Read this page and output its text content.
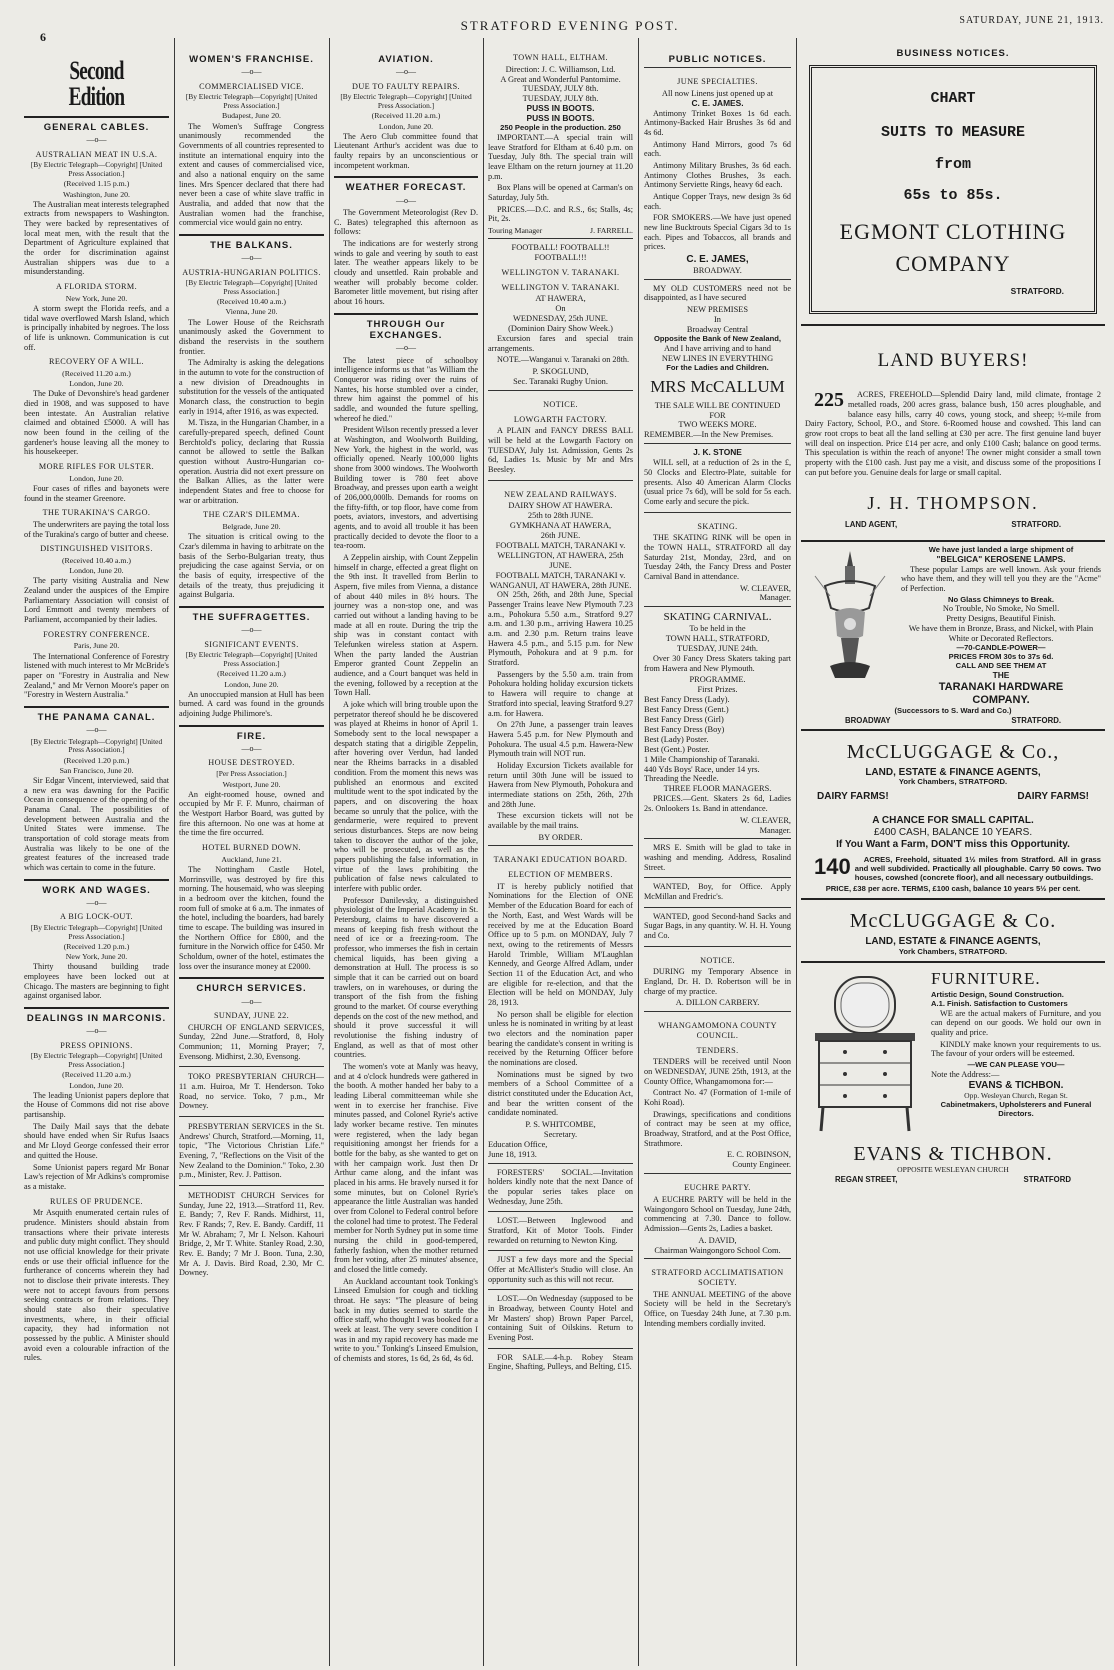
6
STRATFORD EVENING POST.	SATURDAY, JUNE 21, 1913.
Second Edition
GENERAL CABLES.
—o—
AUSTRALIAN MEAT IN U.S.A.
[By Electric Telegraph—Copyright] [United Press Association.]
(Received 1.15 p.m.)
Washington, June 20.

The Australian meat interests telegraphed extracts from newspapers to Washington. They were backed by representatives of local meat men, with the result that the Department of Agriculture explained that the order for discrimination against Australian shippers was due to a misunderstanding.

A FLORIDA STORM.
New York, June 20.

A storm swept the Florida reefs, and a tidal wave overflowed Marsh Island, which is principally inhabited by negroes. The loss of life is unknown. Communication is cut off.

RECOVERY OF A WILL.
(Received 11.20 a.m.)
London, June 20.

The Duke of Devonshire's head gardener died in 1908, and was supposed to have been intestate. An Australian relative claimed and obtained £5000. A will has now been found in the ceiling of the gardener's house leaving all the money to his housekeeper.

MORE RIFLES FOR ULSTER.
London, June 20.

Four cases of rifles and bayonets were found in the steamer Greenore.

THE TURAKINA'S CARGO.

The underwriters are paying the total loss of the Turakina's cargo of butter and cheese.

DISTINGUISHED VISITORS.
(Received 10.40 a.m.)
London, June 20.

The party visiting Australia and New Zealand under the auspices of the Empire Parliamentary Association will consist of Lord Emmott and twenty members of Parliament, accompanied by their ladies.

FORESTRY CONFERENCE.
Paris, June 20.

The International Conference of Forestry listened with much interest to Mr McBride's paper on "Forestry in Australia and New Zealand," and Mr Vernon Moore's paper on "Forestry in Western Australia."

THE PANAMA CANAL.
—o—
[By Electric Telegraph—Copyright] [United Press Association.]
(Received 1.20 p.m.)
San Francisco, June 20.

Sir Edgar Vincent, interviewed, said that a new era was dawning for the Pacific Ocean in consequence of the opening of the Panama Canal. The possibilities of development between Australia and the United States were immense. The transportation of cold storage meats from Australia was likely to be one of the greatest features of the increased trade which was certain to come in the future.

WORK AND WAGES.
—o—
A BIG LOCK-OUT.
[By Electric Telegraph—Copyright] [United Press Association.]
(Received 1.20 p.m.)
New York, June 20.

Thirty thousand building trade employees have been locked out at Chicago. The masters are beginning to fight against organised labor.

DEALINGS IN MARCONIS.
—o—
PRESS OPINIONS.
[By Electric Telegraph—Copyright] [United Press Association.]
(Received 11.20 a.m.)
London, June 20.

The leading Unionist papers deplore that the House of Commons did not rise above partisanship.

The Daily Mail says that the debate should have ended when Sir Rufus Isaacs and Mr Lloyd George confessed their error and quitted the House.

Some Unionist papers regard Mr Bonar Law's rejection of Mr Adkins's compromise as a mistake.

RULES OF PRUDENCE.

Mr Asquith enumerated certain rules of prudence. Ministers should abstain from transactions where their private interests and public duty might conflict. They should not use official knowledge for their private ends or use their official influence for the furtherance of concerns wherein they had not to disclose their private interests. They were not to accept favours from persons seeking contracts or from relations. They should state also their speculative investments, where, in their official capacity, they had information not possessed by the public. A Minister should avoid even a colourable infraction of the rules.

WOMEN'S FRANCHISE.
—o—
COMMERCIALISED VICE.
[By Electric Telegraph—Copyright] [United Press Association.]
Budapest, June 20.

The Women's Suffrage Congress unanimously recommended the Governments of all countries represented to institute an international enquiry into the extent and causes of commercialised vice, and also a national enquiry on the same lines. Mrs Spencer declared that there had never been a case of white slave traffic in Australia, and added that now that the Australian women had the franchise, commercial vice would gain no entry.

THE BALKANS.
—o—
AUSTRIA-HUNGARIAN POLITICS.
[By Electric Telegraph—Copyright] [United Press Association.]
(Received 10.40 a.m.)
Vienna, June 20.

The Lower House of the Reichsrath unanimously asked the Government to disband the reservists in the southern frontier.

The Admiralty is asking the delegations in the autumn to vote for the construction of a new division of Dreadnoughts in substitution for the vessels of the antiquated Monarch class, the construction to begin early in 1914, after 1916, as was expected.

M. Tisza, in the Hungarian Chamber, in a carefully-prepared speech, defined Count Berchtold's policy, declaring that Russia cannot be allowed to settle the Balkan question without Austro-Hungarian co-operation. Austria did not exert pressure on the Balkan Allies, as the latter were independent States and free to choose for war or arbitration.

THE CZAR'S DILEMMA.
Belgrade, June 20.

The situation is critical owing to the Czar's dilemma in having to arbitrate on the basis of the Serbo-Bulgarian treaty, thus prejudicing the case against Servia, or on the basis of equity, irrespective of the details of the treaty, thus prejudicing it against Bulgaria.

THE SUFFRAGETTES.
—o—
SIGNIFICANT EVENTS.
[By Electric Telegraph—Copyright] [United Press Association.]
(Received 11.20 a.m.)
London, June 20.

An unoccupied mansion at Hull has been burned. A card was found in the grounds adjoining Judge Philimore's.

FIRE.
—o—
HOUSE DESTROYED.
[Per Press Association.]
Westport, June 20.

An eight-roomed house, owned and occupied by Mr F. F. Munro, chairman of the Westport Harbor Board, was gutted by fire this afternoon. No one was at home at the time the fire occurred.

HOTEL BURNED DOWN.
Auckland, June 21.

The Nottingham Castle Hotel, Morrinsville, was destroyed by fire this morning. The housemaid, who was sleeping in a bedroom over the kitchen, found the room full of smoke at 6 a.m. The inmates of the hotel, including the boarders, had barely time to escape. The building was insured in the Northern Office for £800, and the furniture in the Norwich office for £450. Mr Scholdum, owner of the hotel, estimates the loss over the insurance money at £2000.

CHURCH SERVICES.
—o—
SUNDAY, JUNE 22.

CHURCH OF ENGLAND SERVICES, Sunday, 22nd June.—Stratford, 8, Holy Communion; 11, Morning Prayer; 7, Evensong. Midhirst, 2.30, Evensong.

TOKO PRESBYTERIAN CHURCH—11 a.m. Huiroa, Mr T. Henderson. Toko Road, no service. Toko, 7 p.m., Mr Downey.

PRESBYTERIAN SERVICES in the St. Andrews' Church, Stratford.—Morning, 11, topic, "The Victorious Christian Life." Evening, 7, "Reflections on the Visit of the New Zealand to the Dominion." Toko, 2.30 p.m., Minister, Rev. J. Pattison.

METHODIST CHURCH Services for Sunday, June 22, 1913.—Stratford 11, Rev. E. Bandy; 7, Rev F. Rands. Midhirst, 11, Rev. F Rands; 7, Rev. E. Bandy. Cardiff, 11 Mr W. Abraham; 7, Mr I. Nelson. Kahouri Bridge, 2, Mr T. White. Stanley Road, 2.30, Rev. E. Bandy; 7 Mr J. Boon. Tuna, 2.30, Mr A. J. Davis. Bird Road, 2.30, Mr C. Downey.

AVIATION.
—o—
DUE TO FAULTY REPAIRS.
[By Electric Telegraph—Copyright] [United Press Association.]
(Received 11.20 a.m.)
London, June 20.

The Aero Club committee found that Lieutenant Arthur's accident was due to faulty repairs by an unconscientious or incompetent workman.

WEATHER FORECAST.
—o—

The Government Meteorologist (Rev D. C. Bates) telegraphed this afternoon as follows:

The indications are for westerly strong winds to gale and veering by south to east later. The weather appears likely to be cloudy and unsettled. Rain probable and weather will probably become colder. Barometer little movement, but rising after about 16 hours.

THROUGH Our EXCHANGES.
—o—

The latest piece of schoolboy intelligence informs us that "as William the Conqueror was riding over the ruins of Nantes, his horse stumbled over a cinder, threw him against the pommel of his saddle, and wounded the future spelling, whereof he died."

President Wilson recently pressed a lever at Washington, and Woolworth Building, New York, the highest in the world, was officially opened. Nearly 100,000 lights shone from 3000 windows. The Woolworth Building tower is 780 feet above Broadway, and presses upon earth a weight of 206,000,000lb. Demands for rooms on the fifty-fifth, or top floor, have come from poets, aviators, investors, and advertising agents, and to avoid all trouble it has been practically decided to devote the floor to a tea-room.

A Zeppelin airship, with Count Zeppelin himself in charge, effected a great flight on the 9th inst. It travelled from Berlin to Aspern, five miles from Vienna, a distance of about 440 miles in 8½ hours. The journey was a non-stop one, and was carried out without a landing having to be made at all en route. During the trip the ship was in constant contact with Telefunken wireless station at Aspern. When the party landed the Austrian Emperor granted Count Zeppelin an audience, and a Court banquet was held in the evening, followed by a reception at the Town Hall.

A joke which will bring trouble upon the perpetrator thereof should he be discovered was played at Rheims in honor of April 1. Somebody sent to the local newspaper a despatch stating that a dirigible Zeppelin, after hovering over Verdun, had landed near the Rheims barracks in a disabled condition. From the moment this news was published an enormous and excited multitude went to the spot indicated by the papers, and on discovering the hoax became so unruly that the police, with the gendarmerie, were required to prevent serious disturbances. Steps are now being taken to discover the author of the joke, who will be prosecuted, as well as the papers publishing the false information, in virtue of the laws prohibiting the publication of false news calculated to interfere with public order.

Professor Danilevsky, a distinguished physiologist of the Imperial Academy in St. Petersburg, claims to have discovered a means of keeping fish fresh without the need of ice or a freezing-room. The professor, who immerses the fish in certain chemical liquids, has been giving a demonstration at Hull. The process is so simple that it can be carried out on board trawlers, on in warehouses, or during the transport of the fish from the fishing ground to the market. Of course everything depends on the cost of the new method, and should it prove successful it will revolutionise the fishing industry of England, as well as that of most other countries.

The women's vote at Manly was heavy, and at 4 o'clock hundreds were gathered in the booth. A mother handed her baby to a leading Liberal committeeman while she went in to exercise her franchise. Five minutes passed, and Colonel Ryrie's active lady worker became restive. Ten minutes were registered, when the lady began requisitioning amongst her friends for a bottle for the baby, as she wanted to get on with her campaign work. Just then Dr Arthur came along, and the infant was placed in his arms. He bravely nursed it for some minutes, but on Colonel Ryrie's appearance the little Australian was handed over from Colonel to Federal control before the colonel had time to protest. The Federal member for North Sydney put in some time nursing the child in good-tempered, fatherly fashion, when the mother returned from her voting, after 25 minutes' absence, and closed the little comedy.

An Auckland accountant took Tonking's Linseed Emulsion for cough and tickling throat. He says: "The pleasure of being back in my duties seemed to startle the office staff, who thought I was booked for a week at least. The very severe condition I was in and my rapid recovery has made me write to you." Tonking's Linseed Emulsion, of chemists and stores, 1s 6d, 2s 6d, 4s 6d.

TOWN HALL, ELTHAM.
Direction: J. C. Williamson, Ltd.
A Great and Wonderful Pantomime.
TUESDAY, JULY 8th.
TUESDAY, JULY 8th.
PUSS IN BOOTS.
PUSS IN BOOTS.
250 People in the production. 250

IMPORTANT.—A special train will leave Stratford for Eltham at 6.40 p.m. on Tuesday, July 8th. The special train will leave Eltham on the return journey at 11.20 p.m.

Box Plans will be opened at Carman's on Saturday, July 5th.

PRICES.—D.C. and R.S., 6s; Stalls, 4s; Pit, 2s.

Touring Manager	J. FARRELL.
FOOTBALL! FOOTBALL!! FOOTBALL!!!
WELLINGTON V. TARANAKI.
WELLINGTON V. TARANAKI.
AT HAWERA,
On
WEDNESDAY, 25th JUNE.
(Dominion Dairy Show Week.)

Excursion fares and special train arrangements.

NOTE.—Wanganui v. Taranaki on 28th.

P. SKOGLUND,
Sec. Taranaki Rugby Union.
NOTICE.
LOWGARTH FACTORY.

A PLAIN and FANCY DRESS BALL will be held at the Lowgarth Factory on TUESDAY, July 1st. Admission, Gents 2s 6d, Ladies 1s. Music by Mr and Mrs Beesley.

NEW ZEALAND RAILWAYS.
DAIRY SHOW AT HAWERA.
25th to 28th JUNE.
GYMKHANA AT HAWERA,
26th JUNE.
FOOTBALL MATCH, TARANAKI v. WELLINGTON, AT HAWERA, 25th JUNE.
FOOTBALL MATCH, TARANAKI v. WANGANUI, AT HAWERA, 28th JUNE.

ON 25th, 26th, and 28th June, Special Passenger Trains leave New Plymouth 7.23 a.m., Pohokura 5.50 a.m., Stratford 9.27 a.m. and 1.30 p.m., arriving Hawera 10.25 a.m. and 2.30 p.m. Return trains leave Hawera 4.5 p.m., and 5.15 p.m. for New Plymouth, Pohokura and at 9 p.m. for Stratford.

Passengers by the 5.50 a.m. train from Pohokura holding holiday excursion tickets to Hawera will require to change at Stratford into special, leaving Stratford 9.27 a.m. for Hawera.

On 27th June, a passenger train leaves Hawera 5.45 p.m. for New Plymouth and Pohokura. The usual 4.5 p.m. Hawera-New Plymouth train will NOT run.

Holiday Excursion Tickets available for return until 30th June will be issued to Hawera from New Plymouth, Pohokura and intermediate stations on 25th, 26th, 27th and 28th June.

These excursion tickets will not be available by the mail trains.

BY ORDER.
TARANAKI EDUCATION BOARD.
ELECTION OF MEMBERS.

IT is hereby publicly notified that Nominations for the Election of ONE Member of the Education Board for each of the North, East, and West Wards will be received by me at the Education Board Office up to 5 p.m. on MONDAY, July 7 next, owing to the retirements of Messrs Harold Trimble, William M'Laughlan Kennedy, and George Alfred Adlam, under Section 11 of the Education Act, and who are eligible for re-election, and that the Election will be held on MONDAY, July 28, 1913.

No person shall be eligible for election unless he is nominated in writing by at least two electors and the nomination paper bearing the candidate's consent in writing is received by the Returning Officer before the nominations are closed.

Nominations must be signed by two members of a School Committee of a district constituted under the Education Act, and bear the written consent of the candidate nominated.

P. S. WHITCOMBE,
Secretary.
Education Office,
June 18, 1913.

FORESTERS' SOCIAL.—Invitation holders kindly note that the next Dance of the popular series takes place on Wednesday, June 25th.

LOST.—Between Inglewood and Stratford, Kit of Motor Tools. Finder rewarded on returning to Newton King.

JUST a few days more and the Special Offer at McAllister's Studio will close. An opportunity such as this will not recur.

LOST.—On Wednesday (supposed to be in Broadway, between County Hotel and Mr Masters' shop) Brown Paper Parcel, containing Suit of Oilskins. Return to Evening Post.

FOR SALE.—4-h.p. Robey Steam Engine, Shafting, Pulleys, and Belting, £15.

PUBLIC NOTICES.
JUNE SPECIALTIES.
All now Linens just opened up at
C. E. JAMES.

Antimony Trinket Boxes 1s 6d each. Antimony-Backed Hair Brushes 3s 6d and 4s 6d.

Antimony Hand Mirrors, good 7s 6d each.

Antimony Military Brushes, 3s 6d each. Antimony Clothes Brushes, 3s each. Antimony Serviette Rings, heavy 6d each.

Antique Copper Trays, new design 3s 6d each.

FOR SMOKERS.—We have just opened new line Bucktrouts Special Cigars 3d to 1s each. Pipes and Tobaccos, all brands and prices.

C. E. JAMES,
BROADWAY.

MY OLD CUSTOMERS need not be disappointed, as I have secured

NEW PREMISES
In
Broadway Central
Opposite the Bank of New Zealand,
And I have arriving and to hand
NEW LINES IN EVERYTHING
For the Ladies and Children.
MRS McCALLUM
THE SALE WILL BE CONTINUED
FOR
TWO WEEKS MORE.
REMEMBER.—In the New Premises.
J. K. STONE

WILL sell, at a reduction of 2s in the £, 50 Clocks and Electro-Plate, suitable for presents. Also 40 American Alarm Clocks (usual price 7s 6d), will be sold for 5s each. Come early and secure the pick.

SKATING.

THE SKATING RINK will be open in the TOWN HALL, STRATFORD all day Saturday 21st, Monday, 23rd, and on Tuesday 24th, the Fancy Dress and Poster Carnival Band in attendance.

W. CLEAVER,
Manager.
SKATING CARNIVAL.
To be held in the
TOWN HALL, STRATFORD,
TUESDAY, JUNE 24th.

Over 30 Fancy Dress Skaters taking part from Hawera and New Plymouth.

PROGRAMME.
First Prizes.
Best Fancy Dress (Lady).
Best Fancy Dress (Gent.)
Best Fancy Dress (Girl)
Best Fancy Dress (Boy)
Best (Lady) Poster.
Best (Gent.) Poster.
1 Mile Championship of Taranaki.
440 Yds Boys' Race, under 14 yrs.
Threading the Needle.
THREE FLOOR MANAGERS.

PRICES.—Gent. Skaters 2s 6d, Ladies 2s. Onlookers 1s. Band in attendance.

W. CLEAVER,
Manager.

MRS E. Smith will be glad to take in washing and mending. Address, Rosalind Street.

WANTED, Boy, for Office. Apply McMillan and Fredric's.

WANTED, good Second-hand Sacks and Sugar Bags, in any quantity. W. H. H. Young and Co.

NOTICE.

DURING my Temporary Absence in England, Dr. H. D. Robertson will be in charge of my practice.

A. DILLON CARBERY.
WHANGAMOMONA COUNTY COUNCIL.
TENDERS.

TENDERS will be received until Noon on WEDNESDAY, JUNE 25th, 1913, at the County Office, Whangamomona for:—

Contract No. 47 (Formation of 1-mile of Kohi Road).

Drawings, specifications and conditions of contract may be seen at my office, Broadway, Stratford, and at the Post Office, Strathmore.

E. C. ROBINSON,
County Engineer.
EUCHRE PARTY.

A EUCHRE PARTY will be held in the Waingongoro School on Tuesday, June 24th, commencing at 7.30. Dance to follow. Admission—Gents 2s, Ladies a basket.

A. DAVID,
Chairman Waingongoro School Com.
STRATFORD ACCLIMATISATION SOCIETY.

THE ANNUAL MEETING of the above Society will be held in the Secretary's Office, on Tuesday 24th June, at 7.30 p.m. Intending members cordially invited.

BUSINESS NOTICES.
CHART
SUITS TO MEASURE
from
65s to 85s.
EGMONT CLOTHING
COMPANY
STRATFORD.
LAND BUYERS!

225 ACRES, FREEHOLD—Splendid Dairy land, mild climate, frontage 2 metalled roads, 200 acres grass, balance bush, 150 acres ploughable, and balance easy hills, carry 40 cows, young stock, and sheep; ½-mile from Dairy Factory, School, P.O., and Store. 6-Roomed house and cowshed. This land can grow root crops to beat all the land selling at £30 per acre. The first genuine land buyer will deal on inspection. Price £14 per acre, and only £100 Cash; balance on good terms. This speculation is within the reach of anyone! The owner might consider a small town property with the £100 cash. Just pay me a visit, and discuss some of the propositions I can put before you. Genuine deals for large or small capital.

J. H. THOMPSON.
LAND AGENT,	STRATFORD.
We have just landed a large shipment of
"BELGICA" KEROSENE LAMPS.

These popular Lamps are well known. Ask your friends who have them, and they will tell you they are the "Acme" of Perfection.

No Glass Chimneys to Break.
No Trouble, No Smoke, No Smell.
Pretty Designs, Beautiful Finish.
We have them in Bronze, Brass, and Nickel, with Plain White or Decorated Reflectors.
—70-CANDLE-POWER—
PRICES FROM 30s to 37s 6d.
CALL AND SEE THEM AT
THE
TARANAKI HARDWARE
COMPANY.
(Successors to S. Ward and Co.)
BROADWAY	STRATFORD.
McCLUGGAGE & Co.,
LAND, ESTATE & FINANCE AGENTS,
York Chambers, STRATFORD.
DAIRY FARMS!	DAIRY FARMS!
A CHANCE FOR SMALL CAPITAL.
£400 CASH, BALANCE 10 YEARS.
If You Want a Farm, DON'T miss this Opportunity.

140 ACRES, Freehold, situated 1½ miles from Stratford. All in grass and well subdivided. Practically all ploughable. Carry 50 cows. Two houses, cowshed (concrete floor), and all necessary outbuildings.

PRICE, £38 per acre. TERMS, £100 cash, balance 10 years 5½ per cent.
McCLUGGAGE & Co.
LAND, ESTATE & FINANCE AGENTS,
York Chambers, STRATFORD.
FURNITURE.
Artistic Design, Sound Construction.
A.1. Finish. Satisfaction to Customers

WE are the actual makers of Furniture, and you can depend on our goods. We hold our own in quality and price.

KINDLY make known your requirements to us. The favour of your orders will be esteemed.

—WE CAN PLEASE YOU—
Note the Address:—
EVANS & TICHBON.
Opp. Wesleyan Church, Regan St.
Cabinetmakers, Upholsterers and Funeral Directors.
EVANS & TICHBON.
OPPOSITE WESLEYAN CHURCH
REGAN STREET,	STRATFORD
